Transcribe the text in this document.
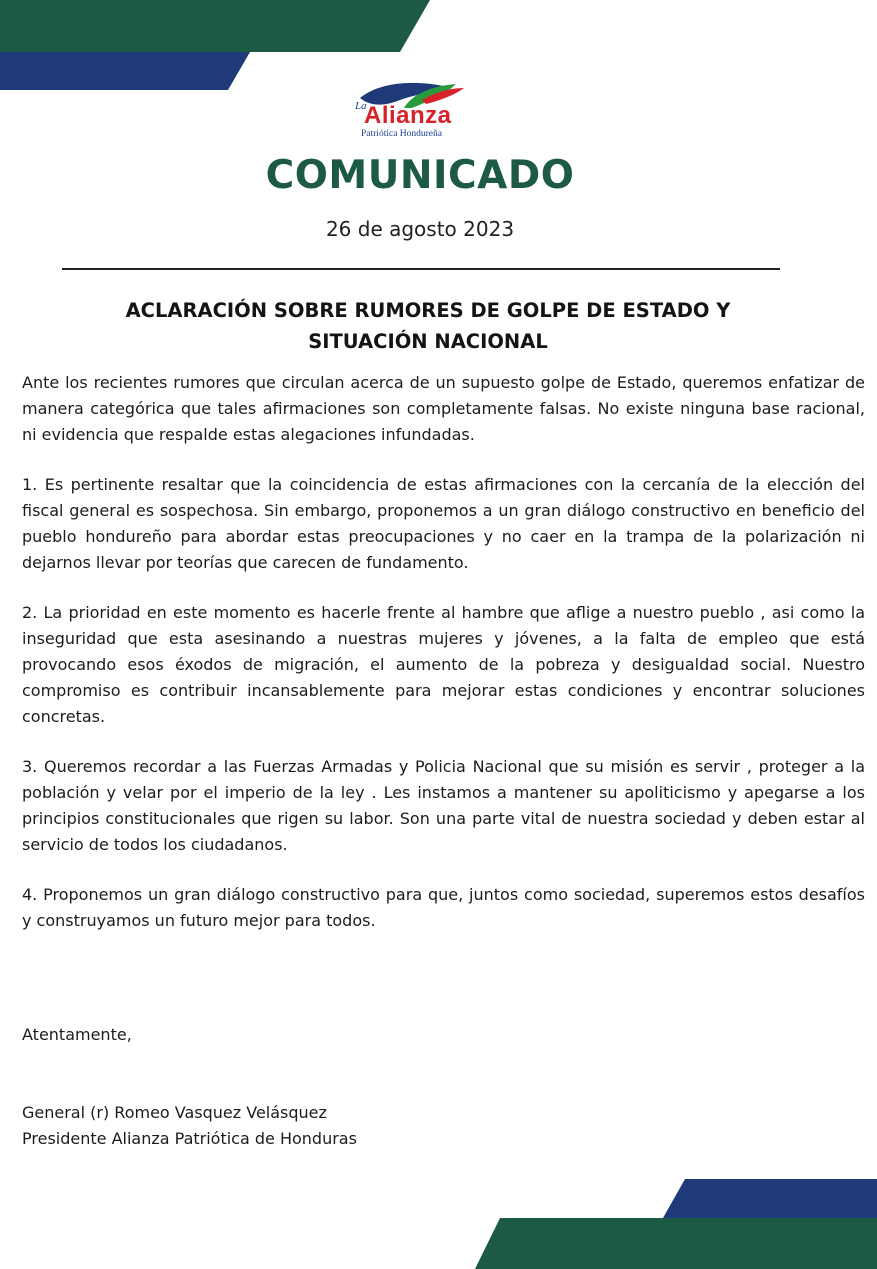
La
Alianza
Patriótica Hondureña
COMUNICADO
26 de agosto 2023
ACLARACIÓN SOBRE RUMORES DE GOLPE DE ESTADO Y
SITUACIÓN NACIONAL

Ante los recientes rumores que circulan acerca de un supuesto golpe de Estado, queremos enfatizar de manera categórica que tales afirmaciones son completamente falsas. No existe ninguna base racional, ni evidencia que respalde estas alegaciones infundadas.

1. Es pertinente resaltar que la coincidencia de estas afirmaciones con la cercanía de la elección del fiscal general es sospechosa. Sin embargo, proponemos a un gran diálogo constructivo en beneficio del pueblo hondureño para abordar estas preocupaciones y no caer en la trampa de la polarización ni dejarnos llevar por teorías que carecen de fundamento.

2. La prioridad en este momento es hacerle frente al hambre que aflige a nuestro pueblo , asi como la inseguridad que esta asesinando a nuestras mujeres y jóvenes, a la falta de empleo que está provocando esos éxodos de migración, el aumento de la pobreza y desigualdad social. Nuestro compromiso es contribuir incansablemente para mejorar estas condiciones y encontrar soluciones concretas.

3. Queremos recordar a las Fuerzas Armadas y Policia Nacional que su misión es servir , proteger a la población y velar por el imperio de la ley . Les instamos a mantener su apoliticismo y apegarse a los principios constitucionales que rigen su labor. Son una parte vital de nuestra sociedad y deben estar al servicio de todos los ciudadanos.

4. Proponemos un gran diálogo constructivo para que, juntos como sociedad, superemos estos desafíos y construyamos un futuro mejor para todos.

Atentamente,
General (r) Romeo Vasquez Velásquez
Presidente Alianza Patriótica de Honduras
